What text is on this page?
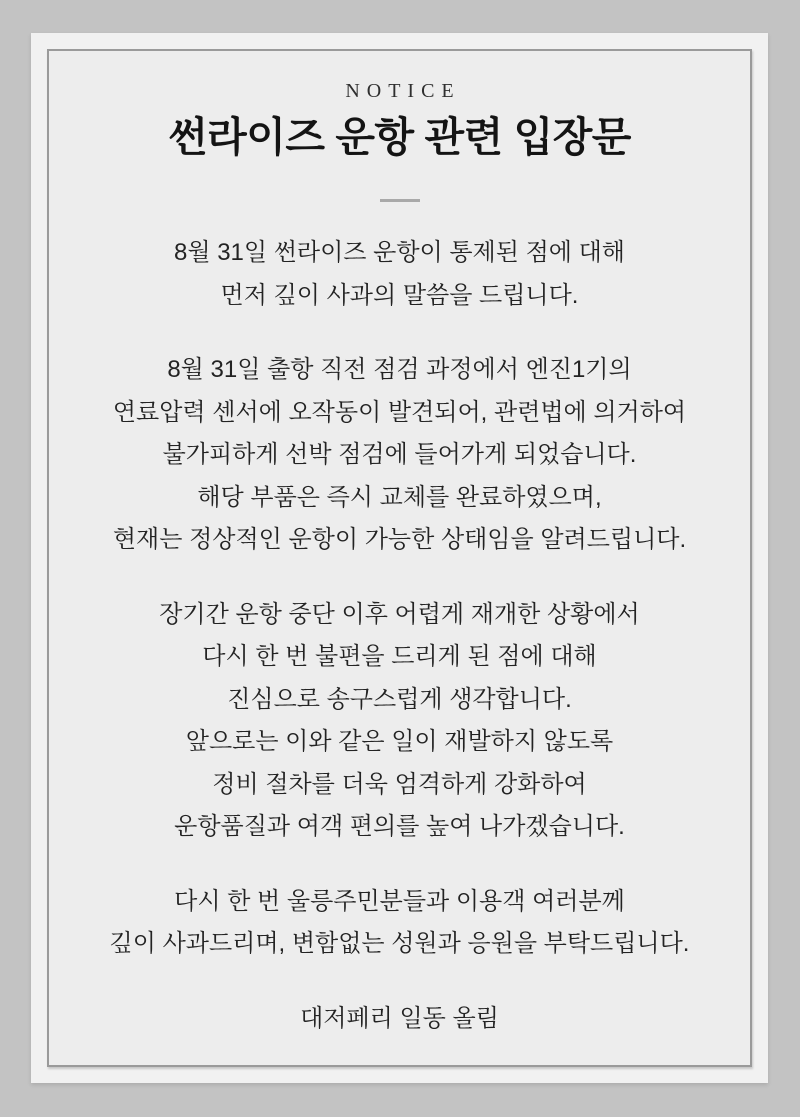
NOTICE
썬라이즈 운항 관련 입장문
8월 31일 썬라이즈 운항이 통제된 점에 대해
먼저 깊이 사과의 말씀을 드립니다.
8월 31일 출항 직전 점검 과정에서 엔진1기의
연료압력 센서에 오작동이 발견되어, 관련법에 의거하여
불가피하게 선박 점검에 들어가게 되었습니다.
해당 부품은 즉시 교체를 완료하였으며,
현재는 정상적인 운항이 가능한 상태임을 알려드립니다.
장기간 운항 중단 이후 어렵게 재개한 상황에서
다시 한 번 불편을 드리게 된 점에 대해
진심으로 송구스럽게 생각합니다.
앞으로는 이와 같은 일이 재발하지 않도록
정비 절차를 더욱 엄격하게 강화하여
운항품질과 여객 편의를 높여 나가겠습니다.
다시 한 번 울릉주민분들과 이용객 여러분께
깊이 사과드리며, 변함없는 성원과 응원을 부탁드립니다.
대저페리 일동 올림
